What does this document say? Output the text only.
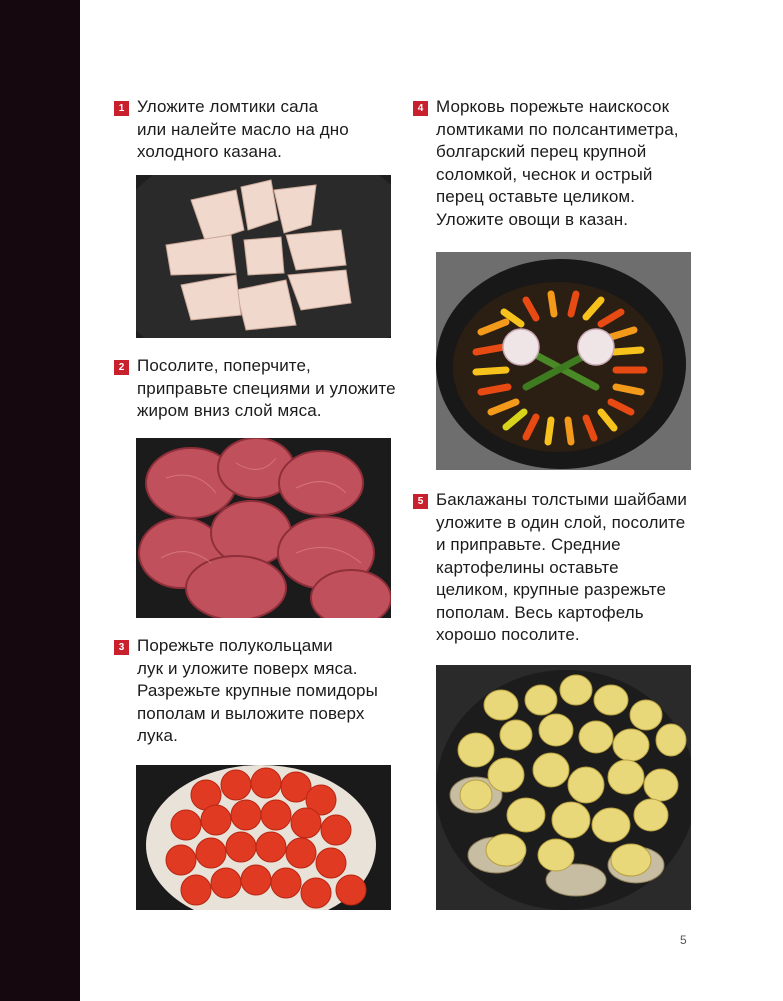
1 Уложите ломтики сала
или налейте масло на дно
холодного казана.
2 Посолите, поперчите,
приправьте специями и уложите
жиром вниз слой мяса.
3 Порежьте полукольцами
лук и уложите поверх мяса.
Разрежьте крупные помидоры
пополам и выложите поверх
лука.
4 Морковь порежьте наискосок
ломтиками по полсантиметра,
болгарский перец крупной
соломкой, чеснок и острый
перец оставьте целиком.
Уложите овощи в казан.
5 Баклажаны толстыми шайбами
уложите в один слой, посолите
и приправьте. Средние
картофелины оставьте
целиком, крупные разрежьте
пополам. Весь картофель
хорошо посолите.
5
